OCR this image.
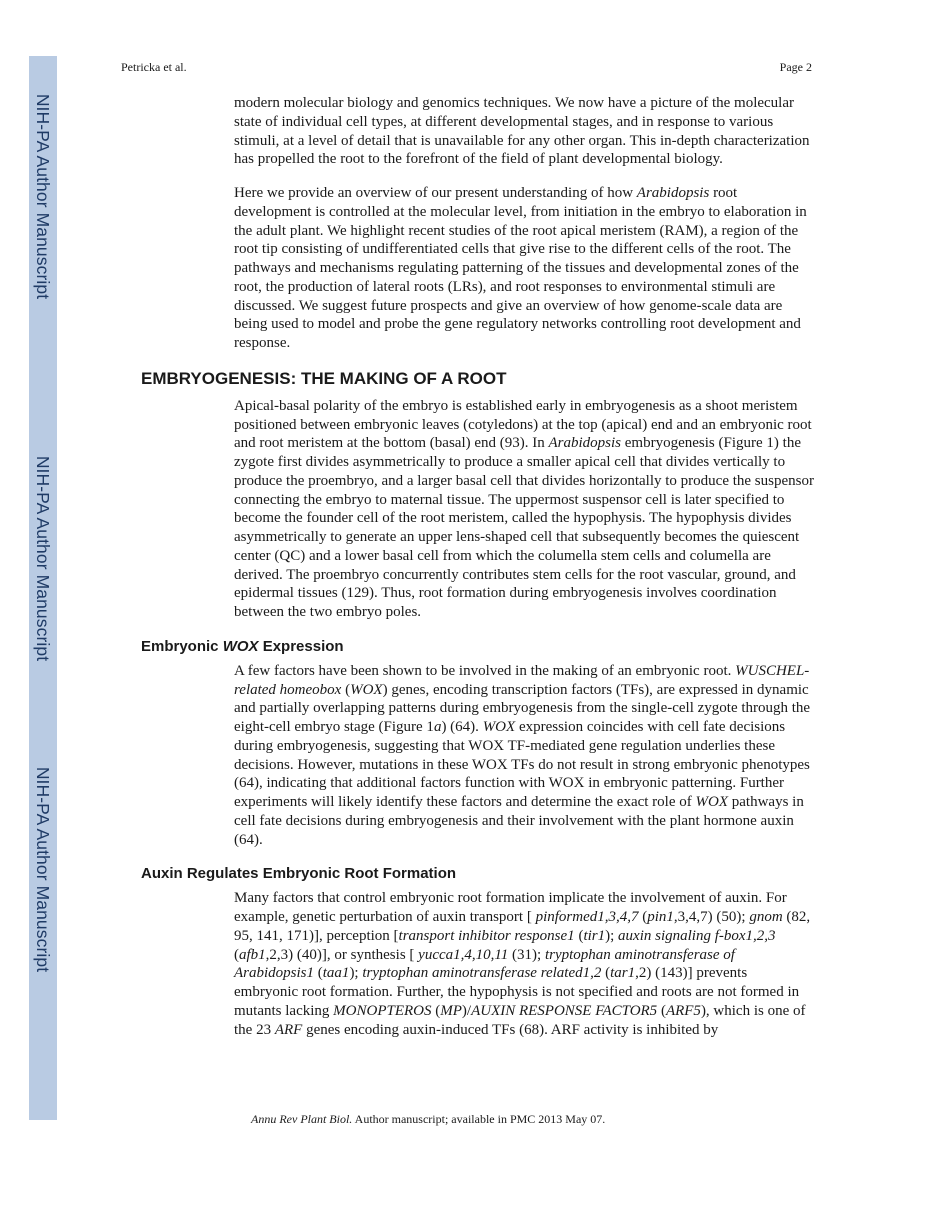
NIH-PA Author Manuscript
NIH-PA Author Manuscript
NIH-PA Author Manuscript
Petricka et al.	Page 2

modern molecular biology and genomics techniques. We now have a picture of the molecular state of individual cell types, at different developmental stages, and in response to various stimuli, at a level of detail that is unavailable for any other organ. This in-depth characterization has propelled the root to the forefront of the field of plant developmental biology.

Here we provide an overview of our present understanding of how Arabidopsis root development is controlled at the molecular level, from initiation in the embryo to elaboration in the adult plant. We highlight recent studies of the root apical meristem (RAM), a region of the root tip consisting of undifferentiated cells that give rise to the different cells of the root. The pathways and mechanisms regulating patterning of the tissues and developmental zones of the root, the production of lateral roots (LRs), and root responses to environmental stimuli are discussed. We suggest future prospects and give an overview of how genome-scale data are being used to model and probe the gene regulatory networks controlling root development and response.

EMBRYOGENESIS: THE MAKING OF A ROOT

Apical-basal polarity of the embryo is established early in embryogenesis as a shoot meristem positioned between embryonic leaves (cotyledons) at the top (apical) end and an embryonic root and root meristem at the bottom (basal) end (93). In Arabidopsis embryogenesis (Figure 1) the zygote first divides asymmetrically to produce a smaller apical cell that divides vertically to produce the proembryo, and a larger basal cell that divides horizontally to produce the suspensor connecting the embryo to maternal tissue. The uppermost suspensor cell is later specified to become the founder cell of the root meristem, called the hypophysis. The hypophysis divides asymmetrically to generate an upper lens-shaped cell that subsequently becomes the quiescent center (QC) and a lower basal cell from which the columella stem cells and columella are derived. The proembryo concurrently contributes stem cells for the root vascular, ground, and epidermal tissues (129). Thus, root formation during embryogenesis involves coordination between the two embryo poles.

Embryonic WOX Expression

A few factors have been shown to be involved in the making of an embryonic root. WUSCHEL-related homeobox (WOX) genes, encoding transcription factors (TFs), are expressed in dynamic and partially overlapping patterns during embryogenesis from the single-cell zygote through the eight-cell embryo stage (Figure 1a) (64). WOX expression coincides with cell fate decisions during embryogenesis, suggesting that WOX TF-mediated gene regulation underlies these decisions. However, mutations in these WOX TFs do not result in strong embryonic phenotypes (64), indicating that additional factors function with WOX in embryonic patterning. Further experiments will likely identify these factors and determine the exact role of WOX pathways in cell fate decisions during embryogenesis and their involvement with the plant hormone auxin (64).

Auxin Regulates Embryonic Root Formation

Many factors that control embryonic root formation implicate the involvement of auxin. For example, genetic perturbation of auxin transport [ pinformed1,3,4,7 (pin1,3,4,7) (50); gnom (82, 95, 141, 171)], perception [transport inhibitor response1 (tir1); auxin signaling f-box1,2,3 (afb1,2,3) (40)], or synthesis [ yucca1,4,10,11 (31); tryptophan aminotransferase of Arabidopsis1 (taa1); tryptophan aminotransferase related1,2 (tar1,2) (143)] prevents embryonic root formation. Further, the hypophysis is not specified and roots are not formed in mutants lacking MONOPTEROS (MP)/AUXIN RESPONSE FACTOR5 (ARF5), which is one of the 23 ARF genes encoding auxin-induced TFs (68). ARF activity is inhibited by

Annu Rev Plant Biol. Author manuscript; available in PMC 2013 May 07.
